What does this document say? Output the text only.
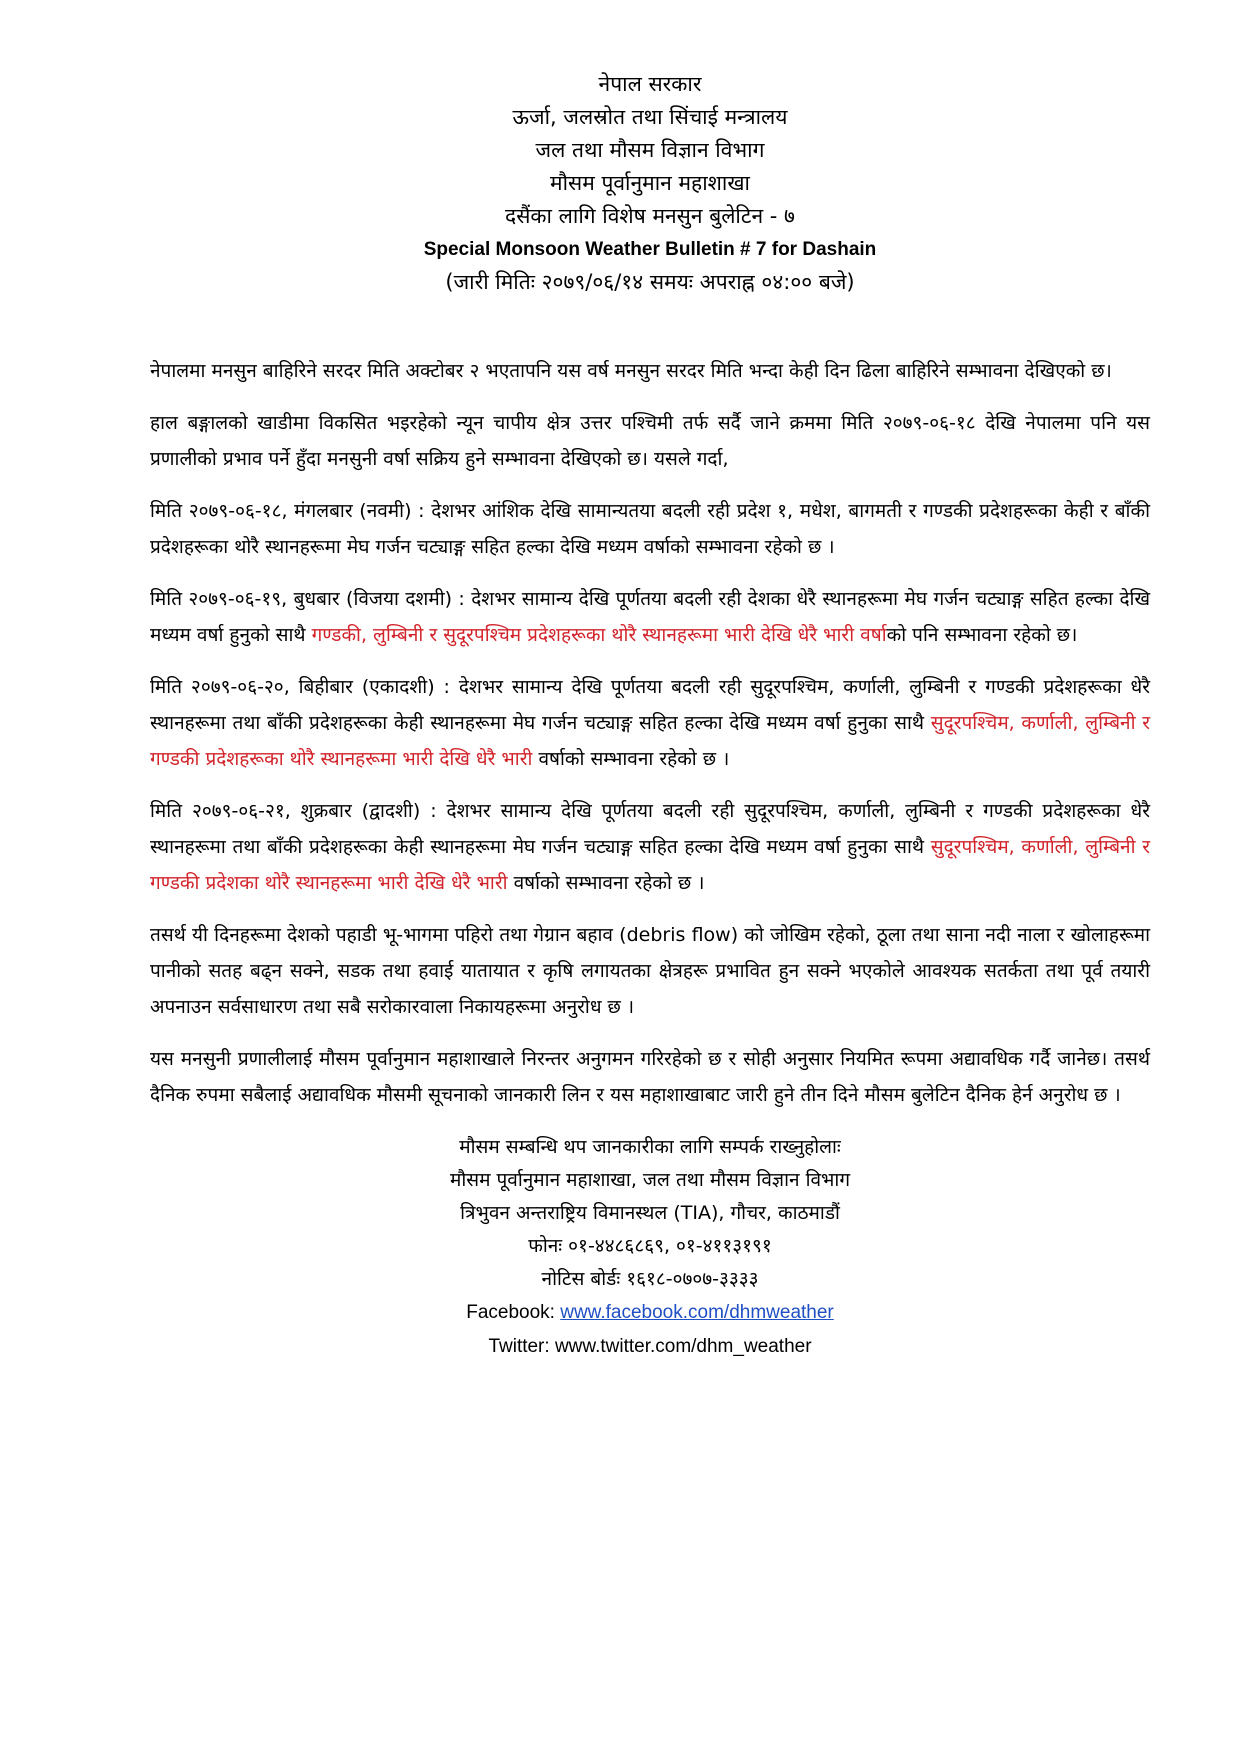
नेपाल सरकार
ऊर्जा, जलस्रोत तथा सिंचाई मन्त्रालय
जल तथा मौसम विज्ञान विभाग
मौसम पूर्वानुमान महाशाखा
दसैंका लागि विशेष मनसुन बुलेटिन - ७
Special Monsoon Weather Bulletin # 7 for Dashain
(जारी मितिः २०७९/०६/१४ समयः अपराह्न ०४:०० बजे)

नेपालमा मनसुन बाहिरिने सरदर मिति अक्टोबर २ भएतापनि यस वर्ष मनसुन सरदर मिति भन्दा केही दिन ढिला बाहिरिने सम्भावना देखिएको छ।

हाल बङ्गालको खाडीमा विकसित भइरहेको न्यून चापीय क्षेत्र उत्तर पश्चिमी तर्फ सर्दै जाने क्रममा मिति २०७९-०६-१८ देखि नेपालमा पनि यस प्रणालीको प्रभाव पर्ने हुँदा मनसुनी वर्षा सक्रिय हुने सम्भावना देखिएको छ। यसले गर्दा,

मिति २०७९-०६-१८, मंगलबार (नवमी) : देशभर आंशिक देखि सामान्यतया बदली रही प्रदेश १, मधेश, बागमती र गण्डकी प्रदेशहरूका केही र बाँकी प्रदेशहरूका थोरै स्थानहरूमा मेघ गर्जन चट्याङ्ग सहित हल्का देखि मध्यम वर्षाको सम्भावना रहेको छ ।

मिति २०७९-०६-१९, बुधबार (विजया दशमी) : देशभर सामान्य देखि पूर्णतया बदली रही देशका धेरै स्थानहरूमा मेघ गर्जन चट्याङ्ग सहित हल्का देखि मध्यम वर्षा हुनुको साथै गण्डकी, लुम्बिनी र सुदूरपश्चिम प्रदेशहरूका थोरै स्थानहरूमा भारी देखि धेरै भारी वर्षाको पनि सम्भावना रहेको छ।

मिति २०७९-०६-२०, बिहीबार (एकादशी) : देशभर सामान्य देखि पूर्णतया बदली रही सुदूरपश्चिम, कर्णाली, लुम्बिनी र गण्डकी प्रदेशहरूका धेरै स्थानहरूमा तथा बाँकी प्रदेशहरूका केही स्थानहरूमा मेघ गर्जन चट्याङ्ग सहित हल्का देखि मध्यम वर्षा हुनुका साथै सुदूरपश्चिम, कर्णाली, लुम्बिनी र गण्डकी प्रदेशहरूका थोरै स्थानहरूमा भारी देखि धेरै भारी वर्षाको सम्भावना रहेको छ ।

मिति २०७९-०६-२१, शुक्रबार (द्वादशी) : देशभर सामान्य देखि पूर्णतया बदली रही सुदूरपश्चिम, कर्णाली, लुम्बिनी र गण्डकी प्रदेशहरूका धेरै स्थानहरूमा तथा बाँकी प्रदेशहरूका केही स्थानहरूमा मेघ गर्जन चट्याङ्ग सहित हल्का देखि मध्यम वर्षा हुनुका साथै सुदूरपश्चिम, कर्णाली, लुम्बिनी र गण्डकी प्रदेशका थोरै स्थानहरूमा भारी देखि धेरै भारी वर्षाको सम्भावना रहेको छ ।

तसर्थ यी दिनहरूमा देशको पहाडी भू-भागमा पहिरो तथा गेग्रान बहाव (debris flow) को जोखिम रहेको, ठूला तथा साना नदी नाला र खोलाहरूमा पानीको सतह बढ्न सक्ने, सडक तथा हवाई यातायात र कृषि लगायतका क्षेत्रहरू प्रभावित हुन सक्ने भएकोले आवश्यक सतर्कता तथा पूर्व तयारी अपनाउन सर्वसाधारण तथा सबै सरोकारवाला निकायहरूमा अनुरोध छ ।

यस मनसुनी प्रणालीलाई मौसम पूर्वानुमान महाशाखाले निरन्तर अनुगमन गरिरहेको छ र सोही अनुसार नियमित रूपमा अद्यावधिक गर्दै जानेछ। तसर्थ दैनिक रुपमा सबैलाई अद्यावधिक मौसमी सूचनाको जानकारी लिन र यस महाशाखाबाट जारी हुने तीन दिने मौसम बुलेटिन दैनिक हेर्न अनुरोध छ ।

मौसम सम्बन्धि थप जानकारीका लागि सम्पर्क राख्नुहोलाः
मौसम पूर्वानुमान महाशाखा, जल तथा मौसम विज्ञान विभाग
त्रिभुवन अन्तराष्ट्रिय विमानस्थल (TIA), गौचर, काठमाडौं
फोनः ०१-४४८६८६९, ०१-४११३१९१
नोटिस बोर्डः १६१८-०७०७-३३३३
Facebook: www.facebook.com/dhmweather
Twitter: www.twitter.com/dhm_weather
